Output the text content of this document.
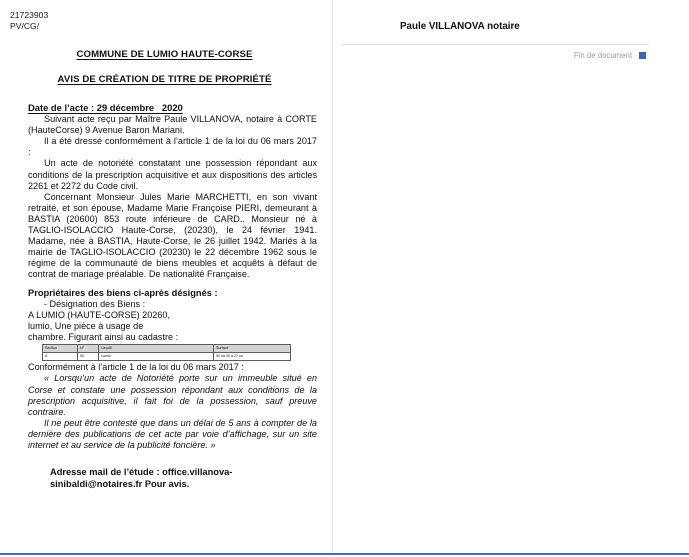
21723903
PV/CG/
COMMUNE DE LUMIO HAUTE-CORSE
AVIS DE CRÉATION DE TITRE DE PROPRIÉTÉ
Date de l’acte : 29 décembre   2020

Suivant acte reçu par Maître Paule VILLANOVA, notaire à CORTE (HauteCorse) 9 Avenue Baron Mariani.

Il a été dressé conformément à l’article 1 de la loi du 06 mars 2017 :

Un acte de notoriété constatant une possession répondant aux conditions de la prescription acquisitive et aux dispositions des articles 2261 et 2272 du Code civil.

Concernant Monsieur Jules Marie MARCHETTI, en son vivant retraité, et son épouse, Madame Marie Françoise PIERI, demeurant à BASTIA (20600) 853 route inférieure de CARD.. Monsieur né à TAGLIO-ISOLACCIO Haute-Corse, (20230), le 24 février 1941. Madame, née à BASTIA, Haute-Corse, le 26 juillet 1942. Mariés à la mairie de TAGLIO-ISOLACCIO (20230) le 22 décembre 1962 sous le régime de la communauté de biens meubles et acquêts à défaut de contrat de mariage préalable. De nationalité Française.

Propriétaires des biens ci-après désignés :

- Désignation des Biens :

A LUMIO (HAUTE-CORSE) 20260,

lumio, Une pièce à usage de

chambre. Figurant ainsi au cadastre :

Section	N°	Lieudit	Surface
A	90	Lumio	00 ha 00 a 27 ca

Conformément à l’article 1 de la loi du 06 mars 2017 :

« Lorsqu’un acte de Notoriété porte sur un immeuble situé en Corse et constate une possession répondant aux conditions de la prescription acquisitive, il fait foi de la possession, sauf preuve contraire.

Il ne peut être contesté que dans un délai de 5 ans à compter de la dernière des publications de cet acte par voie d’affichage, sur un site internet et au service de la publicité foncière. »

Adresse mail de l’étude : office.villanova-
sinibaldi@notaires.fr Pour avis.
Paule VILLANOVA notaire
Fin de document
